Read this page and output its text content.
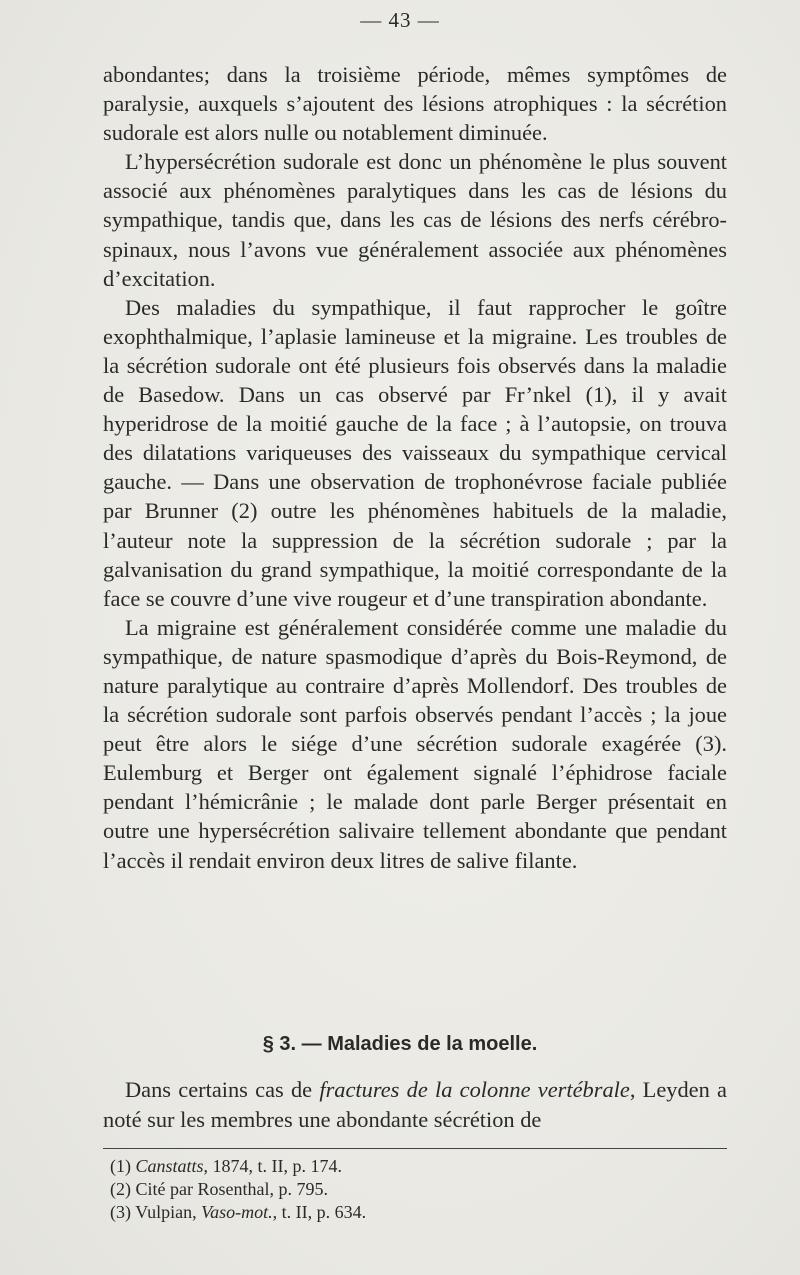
— 43 —

abondantes; dans la troisième période, mêmes symptômes de paralysie, auxquels s’ajoutent des lésions atrophiques : la sécrétion sudorale est alors nulle ou notablement diminuée.

L’hypersécrétion sudorale est donc un phénomène le plus souvent associé aux phénomènes paralytiques dans les cas de lésions du sympathique, tandis que, dans les cas de lésions des nerfs cérébro-spinaux, nous l’avons vue généralement associée aux phénomènes d’excitation.

Des maladies du sympathique, il faut rapprocher le goître exophthalmique, l’aplasie lamineuse et la migraine. Les troubles de la sécrétion sudorale ont été plusieurs fois observés dans la maladie de Basedow. Dans un cas observé par Fr’nkel (1), il y avait hyperidrose de la moitié gauche de la face ; à l’autopsie, on trouva des dilatations variqueuses des vaisseaux du sympathique cervical gauche. — Dans une observation de trophonévrose faciale publiée par Brunner (2) outre les phénomènes habituels de la maladie, l’auteur note la suppression de la sécrétion sudorale ; par la galvanisation du grand sympathique, la moitié correspondante de la face se couvre d’une vive rougeur et d’une transpiration abondante.

La migraine est généralement considérée comme une maladie du sympathique, de nature spasmodique d’après du Bois-Reymond, de nature paralytique au contraire d’après Mollendorf. Des troubles de la sécrétion sudorale sont parfois observés pendant l’accès ; la joue peut être alors le siége d’une sécrétion sudorale exagérée (3). Eulemburg et Berger ont également signalé l’éphidrose faciale pendant l’hémicrânie ; le malade dont parle Berger présentait en outre une hypersécrétion salivaire tellement abondante que pendant l’accès il rendait environ deux litres de salive filante.

§ 3. — Maladies de la moelle.

Dans certains cas de fractures de la colonne vertébrale, Leyden a noté sur les membres une abondante sécrétion de

(1) Canstatts, 1874, t. II, p. 174.
(2) Cité par Rosenthal, p. 795.
(3) Vulpian, Vaso-mot., t. II, p. 634.
